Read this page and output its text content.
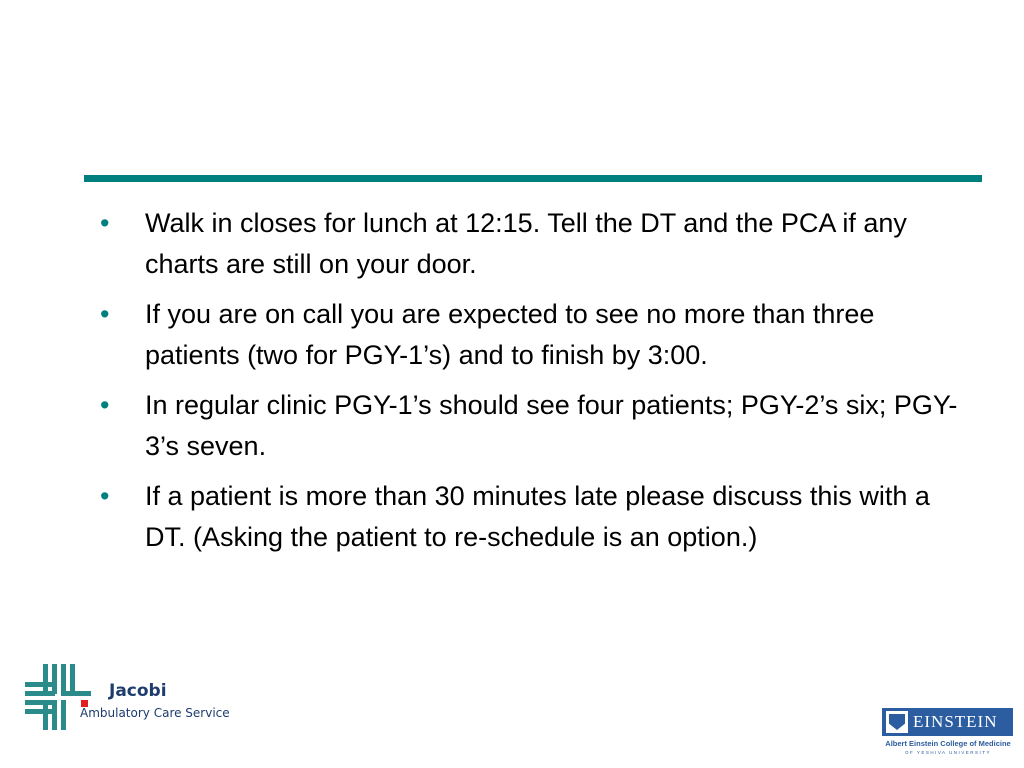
• Walk in closes for lunch at 12:15. Tell the DT and the PCA if any charts are still on your door.
• If you are on call you are expected to see no more than three patients (two for PGY-1’s) and to finish by 3:00.
• In regular clinic PGY-1’s should see four patients; PGY-2’s six; PGY-3’s seven.
• If a patient is more than 30 minutes late please discuss this with a DT. (Asking the patient to re-schedule is an option.)
Jacobi
Ambulatory Care Service	EINSTEIN
Albert Einstein College of Medicine
OF YESHIVA UNIVERSITY
